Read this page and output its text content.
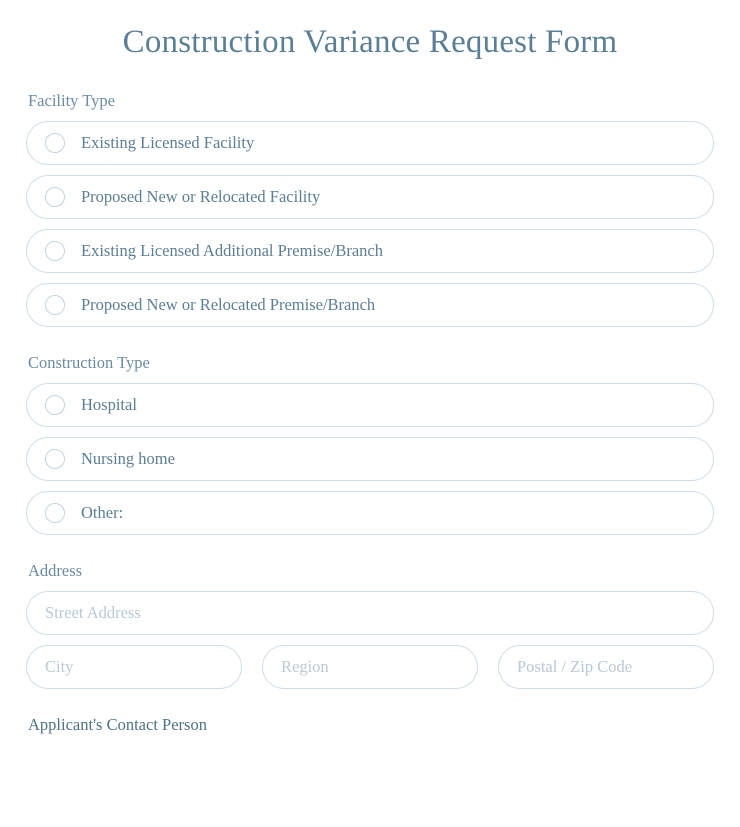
Construction Variance Request Form
Facility Type
Existing Licensed Facility
Proposed New or Relocated Facility
Existing Licensed Additional Premise/Branch
Proposed New or Relocated Premise/Branch
Construction Type
Hospital
Nursing home
Other:
Address
Street Address
City	Region	Postal / Zip Code
Applicant's Contact Person
